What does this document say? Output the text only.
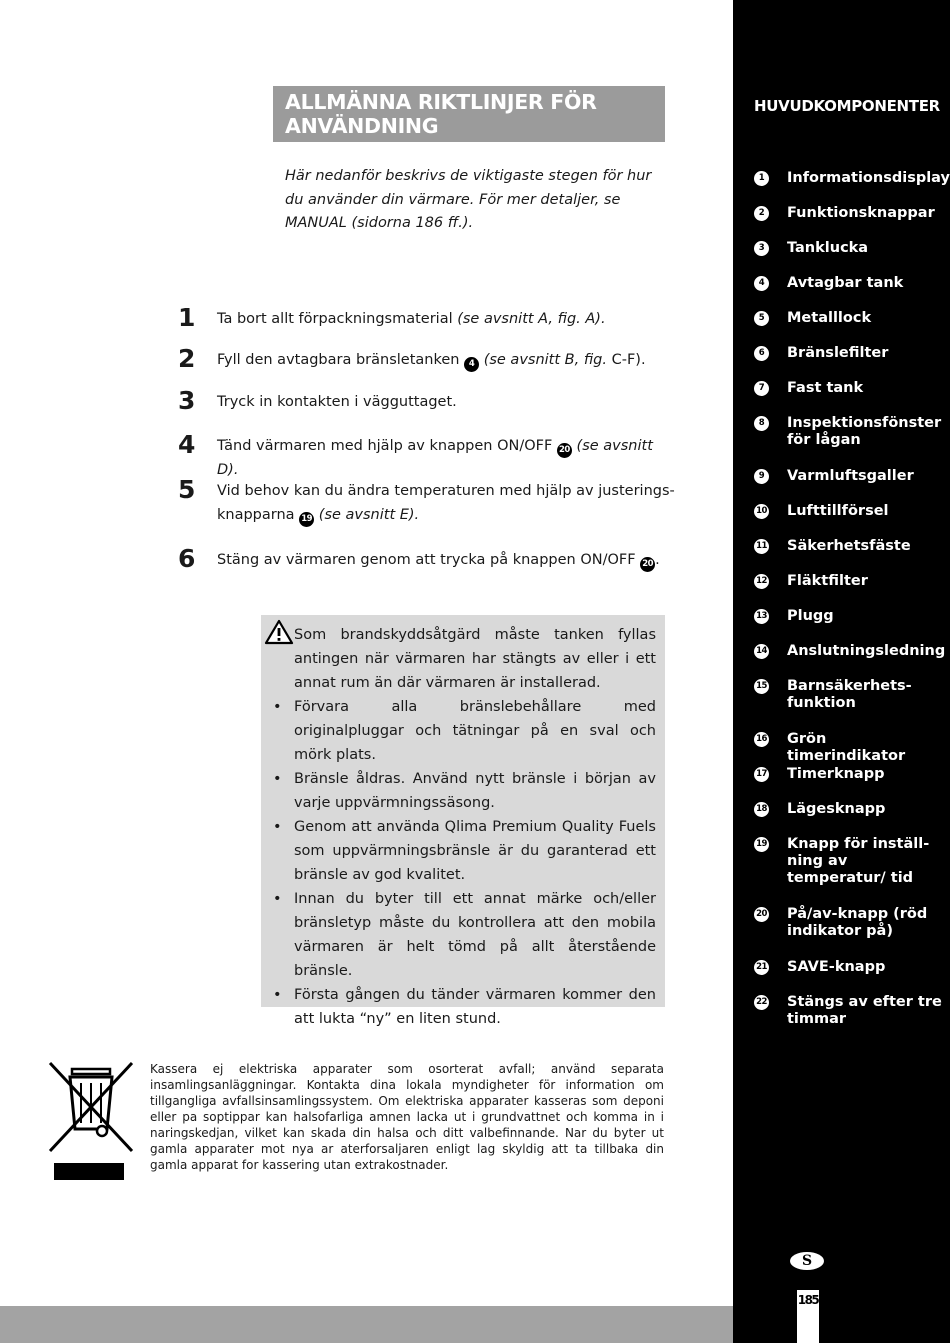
HUVUDKOMPONENTER
1	Informationsdisplay
2	Funktionsknappar
3	Tanklucka
4	Avtagbar tank
5	Metalllock
6	Bränslefilter
7	Fast tank
8	Inspektionsfönster för lågan
9	Varmluftsgaller
10 Lufttillförsel
11 Säkerhetsfäste
12 Fläktfilter
13 Plugg
14 Anslutningsledning
15 Barnsäkerhets-funktion
16 Grön timerindikator
17 Timerknapp
18 Lägesknapp
19 Knapp för inställ-ning av temperatur/ tid
20 På/av-knapp (röd indikator på)
21 SAVE-knapp
22 Stängs av efter tre timmar
S
185
ALLMÄNNA RIKTLINJER FÖR ANVÄNDNING
Här nedanför beskrivs de viktigaste stegen för hur du använder din värmare. För mer detaljer, se MANUAL (sidorna 186 ff.).
1 Ta bort allt förpackningsmaterial (se avsnitt A, fig. A).
2 Fyll den avtagbara bränsletanken 4 (se avsnitt B, fig. C-F).
3 Tryck in kontakten i vägguttaget.
4 Tänd värmaren med hjälp av knappen ON/OFF 20 (se avsnitt D).
5 Vid behov kan du ändra temperaturen med hjälp av justerings-knapparna 19 (se avsnitt E).
6 Stäng av värmaren genom att trycka på knappen ON/OFF 20 .
Som brandskyddsåtgärd måste tanken fyllas antingen när värmaren har stängts av eller i ett annat rum än där värmaren är installerad.
• Förvara alla bränslebehållare med originalpluggar och tätningar på en sval och mörk plats.
• Bränsle åldras. Använd nytt bränsle i början av varje uppvärmningssäsong.
• Genom att använda Qlima Premium Quality Fuels som uppvärmningsbränsle är du garanterad ett bränsle av god kvalitet.
• Innan du byter till ett annat märke och/eller bränsletyp måste du kontrollera att den mobila värmaren är helt tömd på allt återstående bränsle.
• Första gången du tänder värmaren kommer den att lukta “ny” en liten stund.
Kassera ej elektriska apparater som osorterat avfall; använd separata insamlingsanläggningar. Kontakta dina lokala myndigheter för information om tillgangliga avfallsinsamlingssystem. Om elektriska apparater kasseras som deponi eller pa soptippar kan halsofarliga amnen lacka ut i grundvattnet och komma in i naringskedjan, vilket kan skada din halsa och ditt valbefinnande. Nar du byter ut gamla apparater mot nya ar aterforsaljaren enligt lag skyldig att ta tillbaka din gamla apparat for kassering utan extrakostnader.
